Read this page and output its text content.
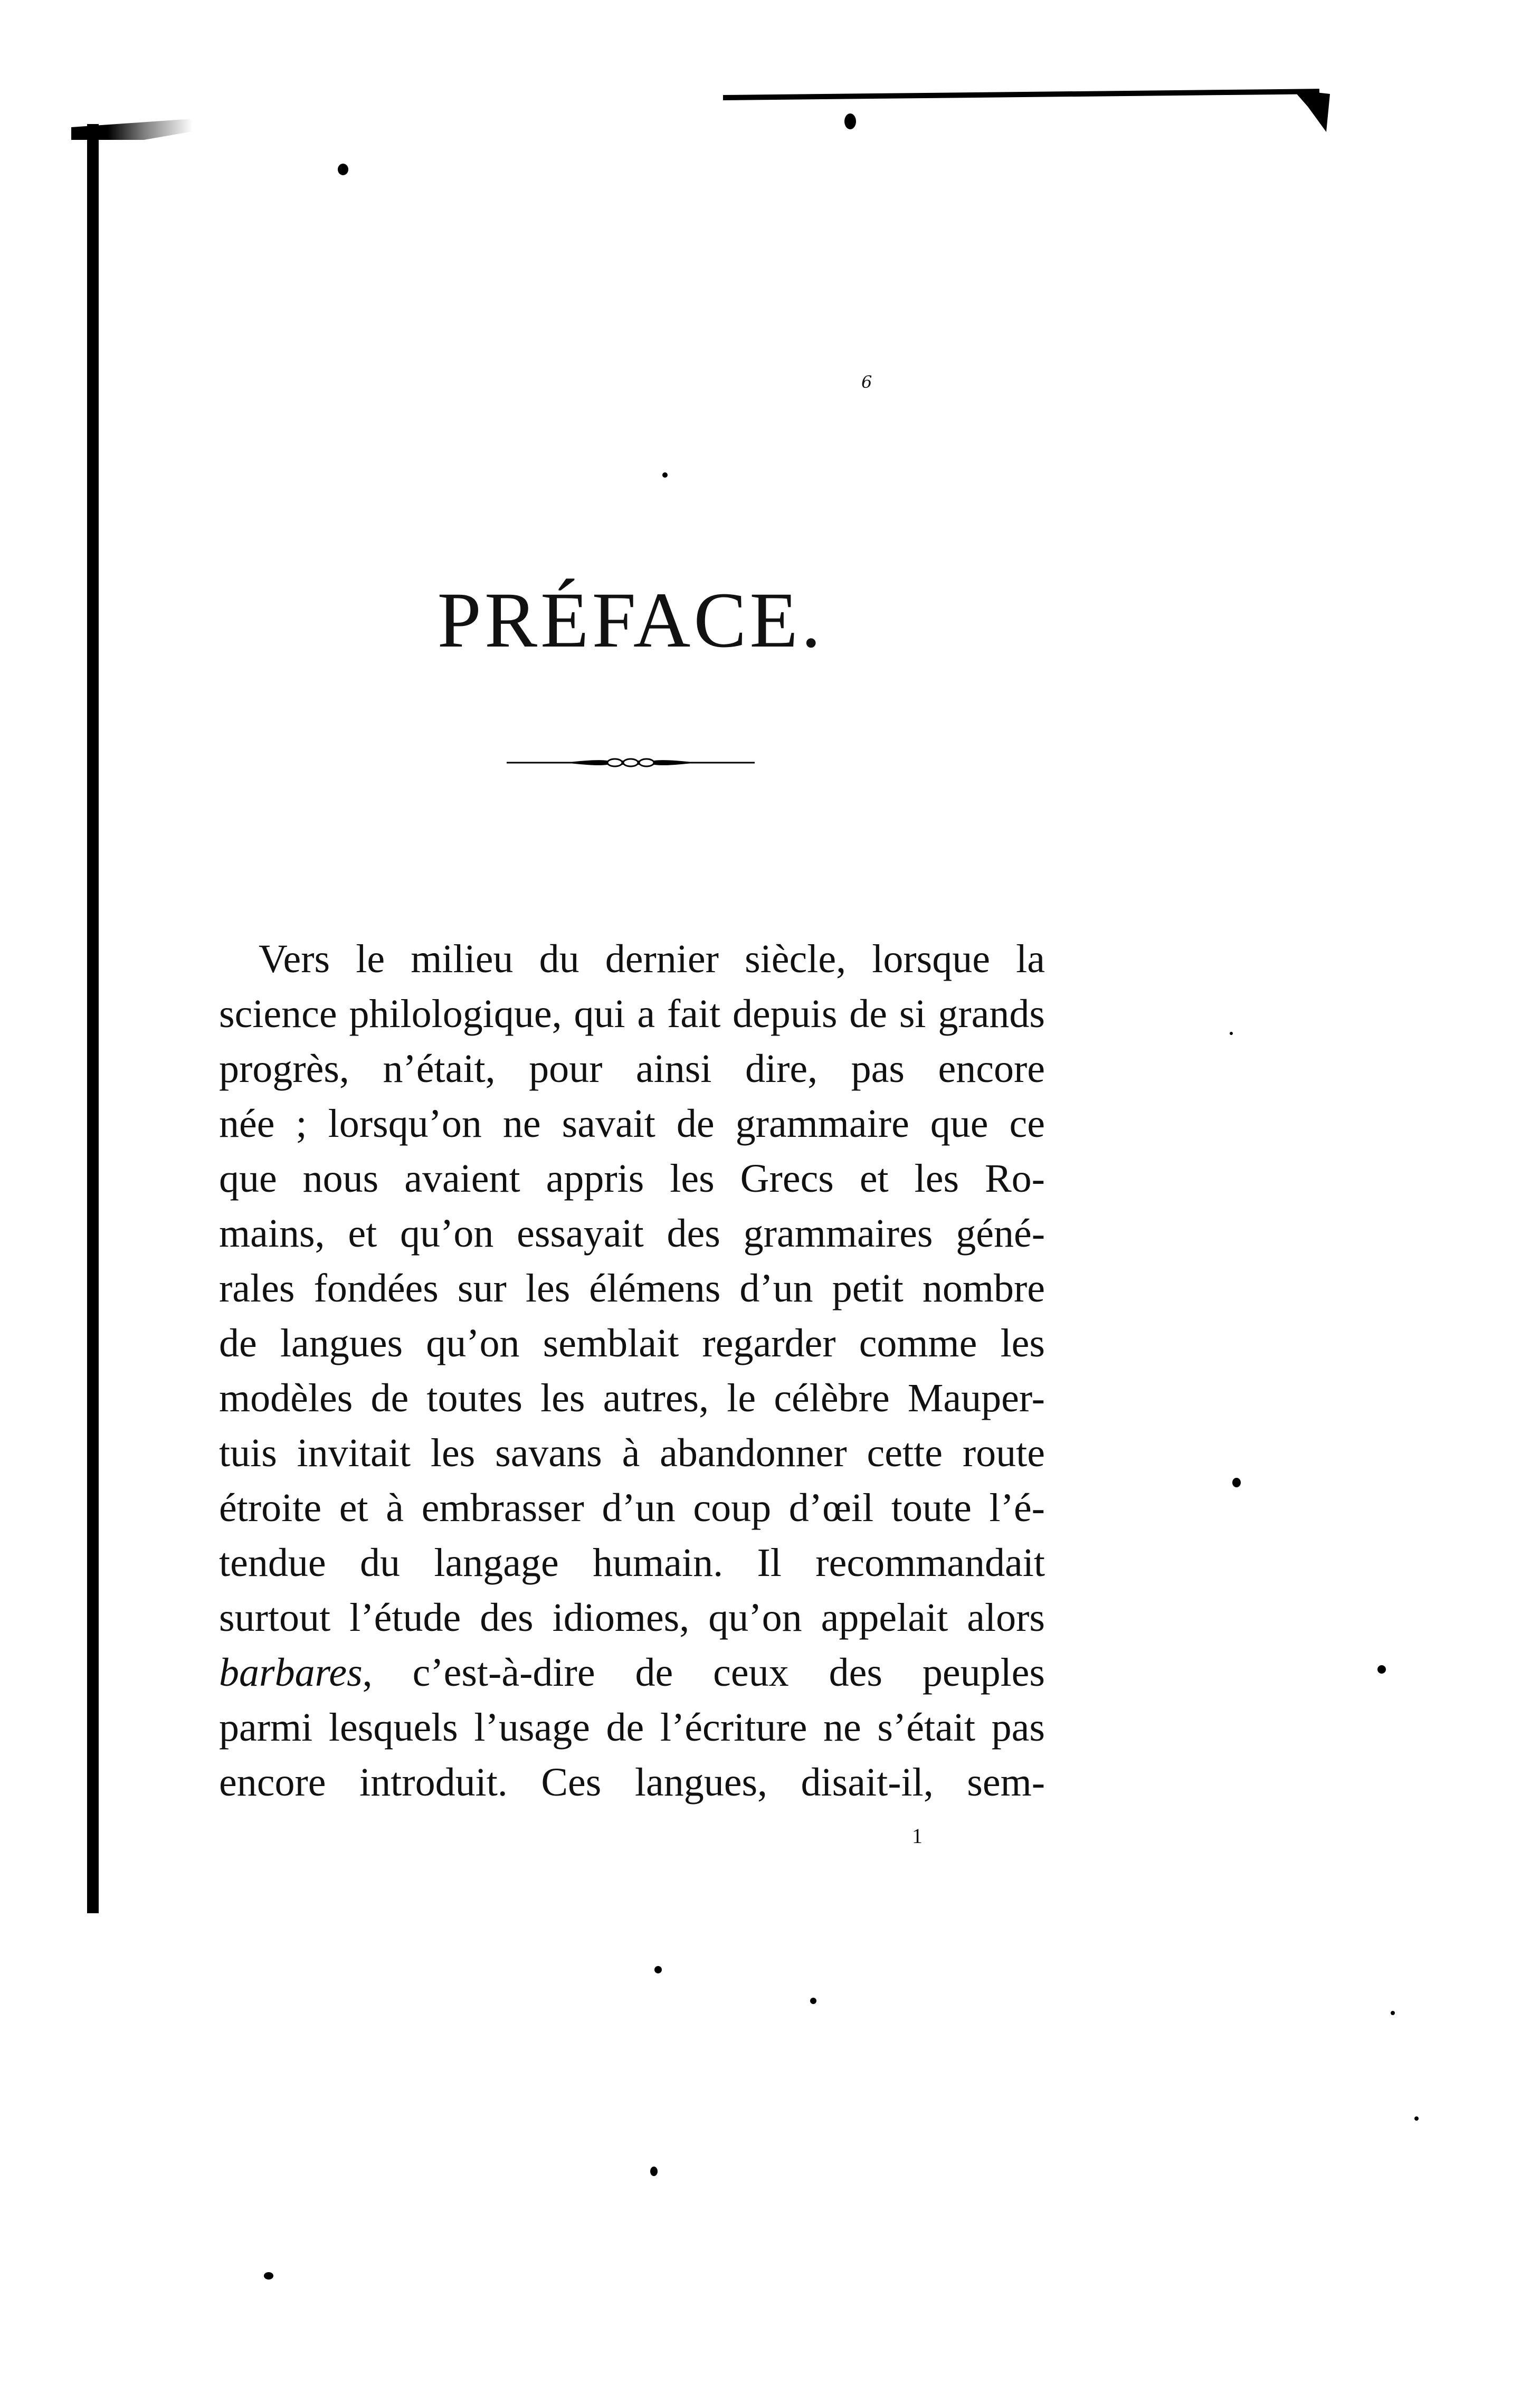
6
PRÉFACE.
Vers le milieu du dernier siècle, lorsque la
science philologique, qui a fait depuis de si grands
progrès, n’était, pour ainsi dire, pas encore
née ; lorsqu’on ne savait de grammaire que ce
que nous avaient appris les Grecs et les Ro-
mains, et qu’on essayait des grammaires géné-
rales fondées sur les élémens d’un petit nombre
de langues qu’on semblait regarder comme les
modèles de toutes les autres, le célèbre Mauper-
tuis invitait les savans à abandonner cette route
étroite et à embrasser d’un coup d’œil toute l’é-
tendue du langage humain. Il recommandait
surtout l’étude des idiomes, qu’on appelait alors
barbares, c’est-à-dire de ceux des peuples
parmi lesquels l’usage de l’écriture ne s’était pas
encore introduit. Ces langues, disait-il, sem-
1
